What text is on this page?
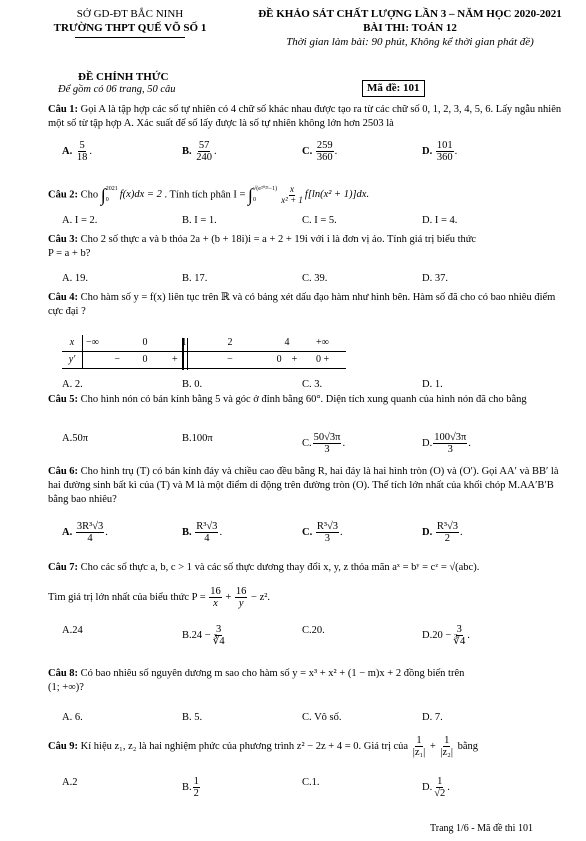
SỞ GD-ĐT BẮC NINH
TRƯỜNG THPT QUẾ VÕ SỐ 1
ĐỀ KHẢO SÁT CHẤT LƯỢNG LẦN 3 – NĂM HỌC 2020-2021
BÀI THI: TOÁN 12
Thời gian làm bài: 90 phút, Không kể thời gian phát đề)
ĐỀ CHÍNH THỨC
Để gồm có 06 trang, 50 câu	Mã đề: 101
Câu 1: Gọi A là tập hợp các số tự nhiên có 4 chữ số khác nhau được tạo ra từ các chữ số 0, 1, 2, 3, 4, 5, 6. Lấy ngẫu nhiên một số từ tập hợp A. Xác suất để số lấy được là số tự nhiên không lớn hơn 2503 là
A. $\frac{5}{18}$ .	B. $\frac{57}{240}$ .	C. $\frac{259}{360}$ .	D. $\frac{101}{360}$ .
Câu 2: Cho ∫ 2021
0
f(x)dx = 2 . Tính tích phân I = ∫ √(e²⁰²¹−1)
0	$\frac{x}{\text{x² + 1}} f[\ln(x^2 + 1)]dx$.
A. I = 2.	B. I = 1.	C. I = 5.	D. I = 4.
Câu 3: Cho 2 số thực a và b thỏa 2a + (b + 18i)i = a + 2 + 19i với i là đơn vị ảo. Tính giá trị biểu thức
P = a + b?
A. 19.	B. 17.	C. 39.	D. 37.
Câu 4: Cho hàm số y = f(x) liên tục trên ℝ và có bảng xét dấu đạo hàm như hình bên. Hàm số đã cho có bao nhiêu điểm cực đại ?
x	−∞	0	1	2	4	+∞
y'	−	0	+	−	0 +	0 +
A. 2.	B. 0.	C. 3.	D. 1.
Câu 5: Cho hình nón có bán kính bằng 5 và góc ở đỉnh bằng 60°. Diện tích xung quanh của hình nón đã cho bằng
A.50π	B.100π	C. $\frac{50√3\pi}{3}$ .	D. $\frac{100√3\pi}{3}$ .
Câu 6: Cho hình trụ (T) có bán kính đáy và chiều cao đều bằng R, hai đáy là hai hình tròn (O) và (O′). Gọi AA′ và BB′ là hai đường sinh bất kì của (T) và M là một điểm di động trên đường tròn (O). Thể tích lớn nhất của khối chóp M.AA′B′B bằng bao nhiêu?
A. $\frac{\text{3R³√3}}{4}$ .	B. $\frac{\text{R³√3}}{4}$ .	C. $\frac{\text{R³√3}}{3}$ .	D. $\frac{\text{R³√3}}{2}$ .
Câu 7: Cho các số thực a, b, c > 1 và các số thực dương thay đổi x, y, z thỏa mãn aˣ = bʸ = cᶻ = √(abc).
Tìm giá trị lớn nhất của biểu thức $P = \frac{16}{x} + \frac{16}{y} - z^2$.
A.24	$B.24 - \frac{3}{∛4}$	C.20.	$D.20 - \frac{3}{∛4}$ .
Câu 8: Có bao nhiêu số nguyên dương m sao cho hàm số y = x³ + x² + (1 − m)x + 2 đồng biến trên
(1; +∞)?
A. 6.	B. 5.	C. Vô số.	D. 7.
Câu 9: Kí hiệu z₁, z₂ là hai nghiệm phức của phương trình z² − 2z + 4 = 0. Giá trị của $\frac{1}{\text{|z₁|}} + \frac{1}{\text{|z₂|}}$ bằng
A.2	B. $\frac{1}{2}$	C.1.	D. $\frac{1}{√2}$ .
Trang 1/6 - Mã đề thi 101
